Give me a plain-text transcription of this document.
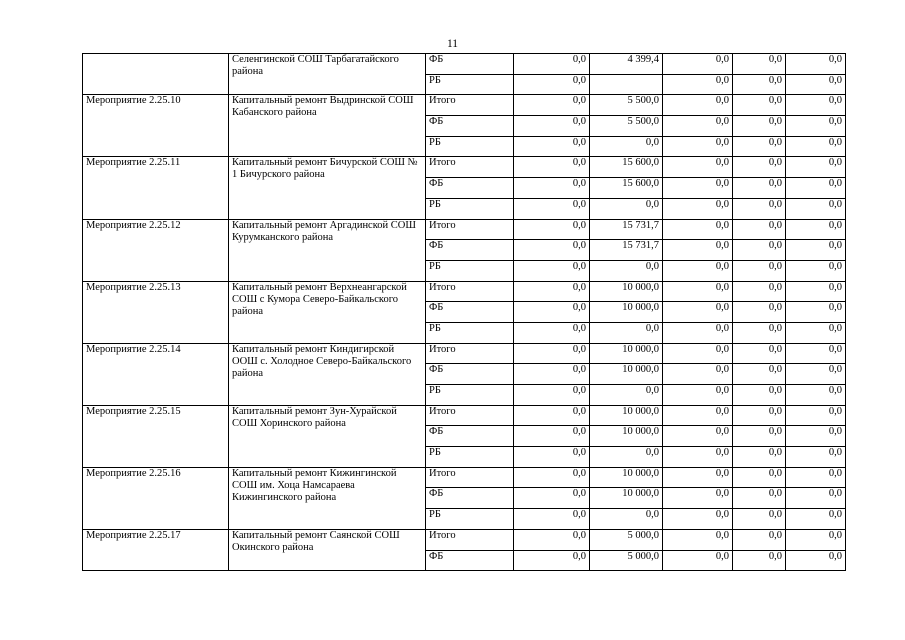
11
	Селенгинской СОШ Тарбагатайского района	ФБ	0,0	4 399,4	0,0	0,0	0,0
		РБ	0,0		0,0	0,0	0,0
Мероприятие 2.25.10	Капитальный ремонт Выдринской СОШ Кабанского района	Итого	0,0	5 500,0	0,0	0,0	0,0
		ФБ	0,0	5 500,0	0,0	0,0	0,0
		РБ	0,0	0,0	0,0	0,0	0,0
Мероприятие 2.25.11	Капитальный ремонт Бичурской СОШ № 1 Бичурского района	Итого	0,0	15 600,0	0,0	0,0	0,0
		ФБ	0,0	15 600,0	0,0	0,0	0,0
		РБ	0,0	0,0	0,0	0,0	0,0
Мероприятие 2.25.12	Капитальный ремонт Аргадинской СОШ Курумканского района	Итого	0,0	15 731,7	0,0	0,0	0,0
		ФБ	0,0	15 731,7	0,0	0,0	0,0
		РБ	0,0	0,0	0,0	0,0	0,0
Мероприятие 2.25.13	Капитальный ремонт Верхнеангарской СОШ с Кумора Северо-Байкальского района	Итого	0,0	10 000,0	0,0	0,0	0,0
		ФБ	0,0	10 000,0	0,0	0,0	0,0
		РБ	0,0	0,0	0,0	0,0	0,0
Мероприятие 2.25.14	Капитальный ремонт Киндигирской ООШ с. Холодное Северо-Байкальского района	Итого	0,0	10 000,0	0,0	0,0	0,0
		ФБ	0,0	10 000,0	0,0	0,0	0,0
		РБ	0,0	0,0	0,0	0,0	0,0
Мероприятие 2.25.15	Капитальный ремонт Зун-Хурайской СОШ Хоринского района	Итого	0,0	10 000,0	0,0	0,0	0,0
		ФБ	0,0	10 000,0	0,0	0,0	0,0
		РБ	0,0	0,0	0,0	0,0	0,0
Мероприятие 2.25.16	Капитальный ремонт Кижингинской СОШ им. Хоца Намсараева Кижингинского района	Итого	0,0	10 000,0	0,0	0,0	0,0
		ФБ	0,0	10 000,0	0,0	0,0	0,0
		РБ	0,0	0,0	0,0	0,0	0,0
Мероприятие 2.25.17	Капитальный ремонт Саянской СОШ Окинского района	Итого	0,0	5 000,0	0,0	0,0	0,0
		ФБ	0,0	5 000,0	0,0	0,0	0,0
